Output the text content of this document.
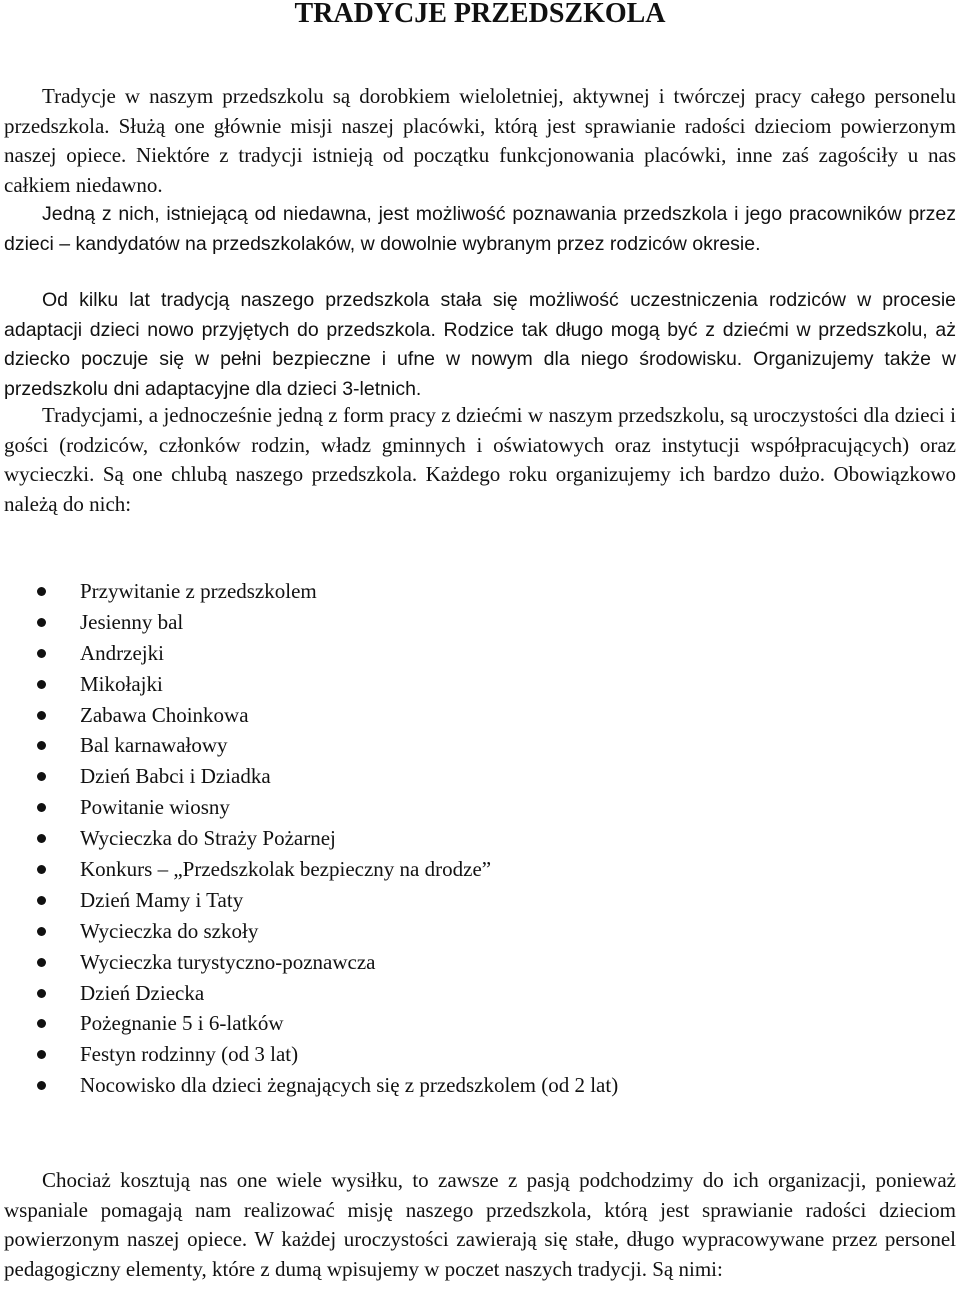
TRADYCJE PRZEDSZKOLA

Tradycje w naszym przedszkolu są dorobkiem wieloletniej, aktywnej i twórczej pracy całego personelu przedszkola. Służą one głównie misji naszej placówki, którą jest sprawianie radości dzieciom powierzonym naszej opiece. Niektóre z tradycji istnieją od początku funkcjonowania placówki, inne zaś zagościły u nas całkiem niedawno.

Jedną z nich, istniejącą od niedawna, jest możliwość poznawania przedszkola i jego pracowników przez dzieci – kandydatów na przedszkolaków, w dowolnie wybranym przez rodziców okresie.

Od kilku lat tradycją naszego przedszkola stała się możliwość uczestniczenia rodziców w procesie adaptacji dzieci nowo przyjętych do przedszkola. Rodzice tak długo mogą być z dziećmi w przedszkolu, aż dziecko poczuje się w pełni bezpieczne i ufne w nowym dla niego środowisku. Organizujemy także w przedszkolu dni adaptacyjne dla dzieci 3-letnich.

Tradycjami, a jednocześnie jedną z form pracy z dziećmi w naszym przedszkolu, są uroczystości dla dzieci i gości (rodziców, członków rodzin, władz gminnych i oświatowych oraz instytucji współpracujących) oraz wycieczki. Są one chlubą naszego przedszkola. Każdego roku organizujemy ich bardzo dużo. Obowiązkowo należą do nich:

Przywitanie z przedszkolem
Jesienny bal
Andrzejki
Mikołajki
Zabawa Choinkowa
Bal karnawałowy
Dzień Babci i Dziadka
Powitanie wiosny
Wycieczka do Straży Pożarnej
Konkurs – „Przedszkolak bezpieczny na drodze”
Dzień Mamy i Taty
Wycieczka do szkoły
Wycieczka turystyczno-poznawcza
Dzień Dziecka
Pożegnanie 5 i 6-latków
Festyn rodzinny (od 3 lat)
Nocowisko dla dzieci żegnających się z przedszkolem (od 2 lat)

Chociaż kosztują nas one wiele wysiłku, to zawsze z pasją podchodzimy do ich organizacji, ponieważ wspaniale pomagają nam realizować misję naszego przedszkola, którą jest sprawianie radości dzieciom powierzonym naszej opiece. W każdej uroczystości zawierają się stałe, długo wypracowywane przez personel pedagogiczny elementy, które z dumą wpisujemy w poczet naszych tradycji. Są nimi:
